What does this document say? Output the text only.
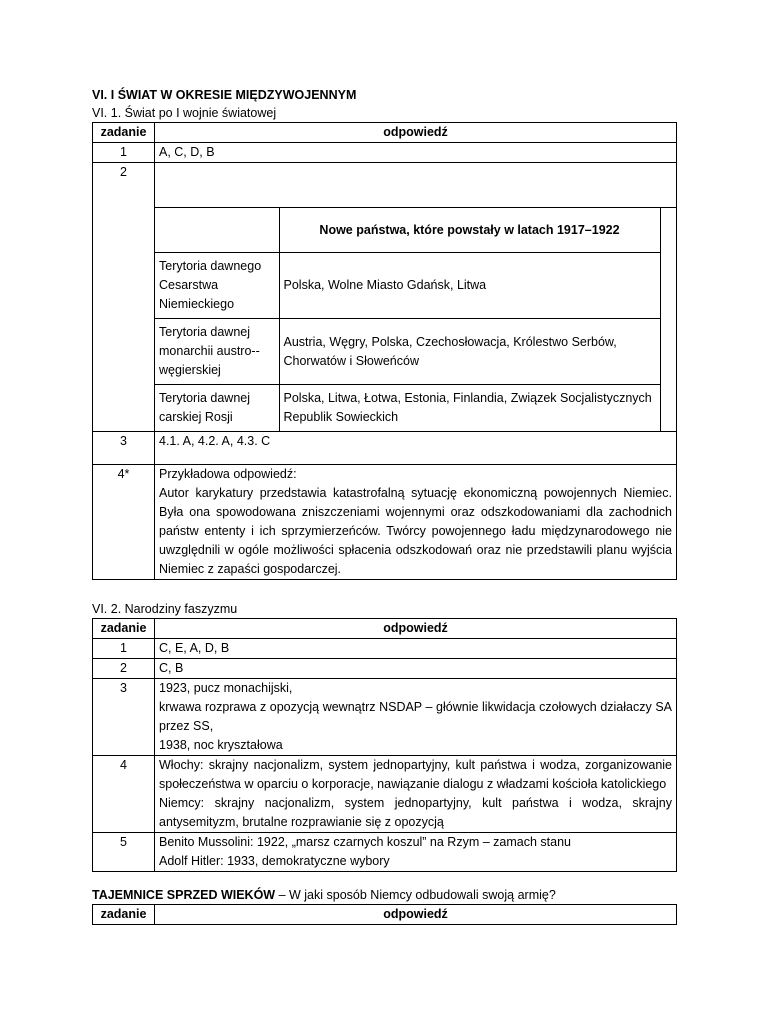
VI. I ŚWIAT W OKRESIE MIĘDZYWOJENNYM
VI. 1. Świat po I wojnie światowej
zadanie	odpowiedź
1	A, C, D, B
2	
	Nowe państwa, które powstały w latach 1917–1922	
Terytoria dawnego Cesarstwa Niemieckiego	Polska, Wolne Miasto Gdańsk, Litwa	
Terytoria dawnej monarchii austro--węgierskiej	Austria, Węgry, Polska, Czechosłowacja, Królestwo Serbów, Chorwatów i Słoweńców	
Terytoria dawnej carskiej Rosji	Polska, Litwa, Łotwa, Estonia, Finlandia, Związek Socjalistycznych Republik Sowieckich	

3	4.1. A, 4.2. A, 4.3. C
4*	Przykładowa odpowiedź:
Autor karykatury przedstawia katastrofalną sytuację ekonomiczną powojennych Niemiec. Była ona spowodowana zniszczeniami wojennymi oraz odszkodowaniami dla zachodnich państw ententy i ich sprzymierzeńców. Twórcy powojennego ładu międzynarodowego nie uwzględnili w ogóle możliwości spłacenia odszkodowań oraz nie przedstawili planu wyjścia Niemiec z zapaści gospodarczej.
VI. 2. Narodziny faszyzmu
zadanie	odpowiedź
1	C, E, A, D, B

2	C, B

3	1923, pucz monachijski,
krwawa rozprawa z opozycją wewnątrz NSDAP – głównie likwidacja czołowych działaczy SA przez SS,
1938, noc kryształowa

4	Włochy: skrajny nacjonalizm, system jednopartyjny, kult państwa i wodza, zorganizowanie społeczeństwa w oparciu o korporacje, nawiązanie dialogu z władzami kościoła katolickiego
Niemcy: skrajny nacjonalizm, system jednopartyjny, kult państwa i wodza, skrajny antysemityzm, brutalne rozprawianie się z opozycją

5	Benito Mussolini: 1922, „marsz czarnych koszul” na Rzym – zamach stanu
Adolf Hitler: 1933, demokratyczne wybory
TAJEMNICE SPRZED WIEKÓW – W jaki sposób Niemcy odbudowali swoją armię?
zadanie	odpowiedź
